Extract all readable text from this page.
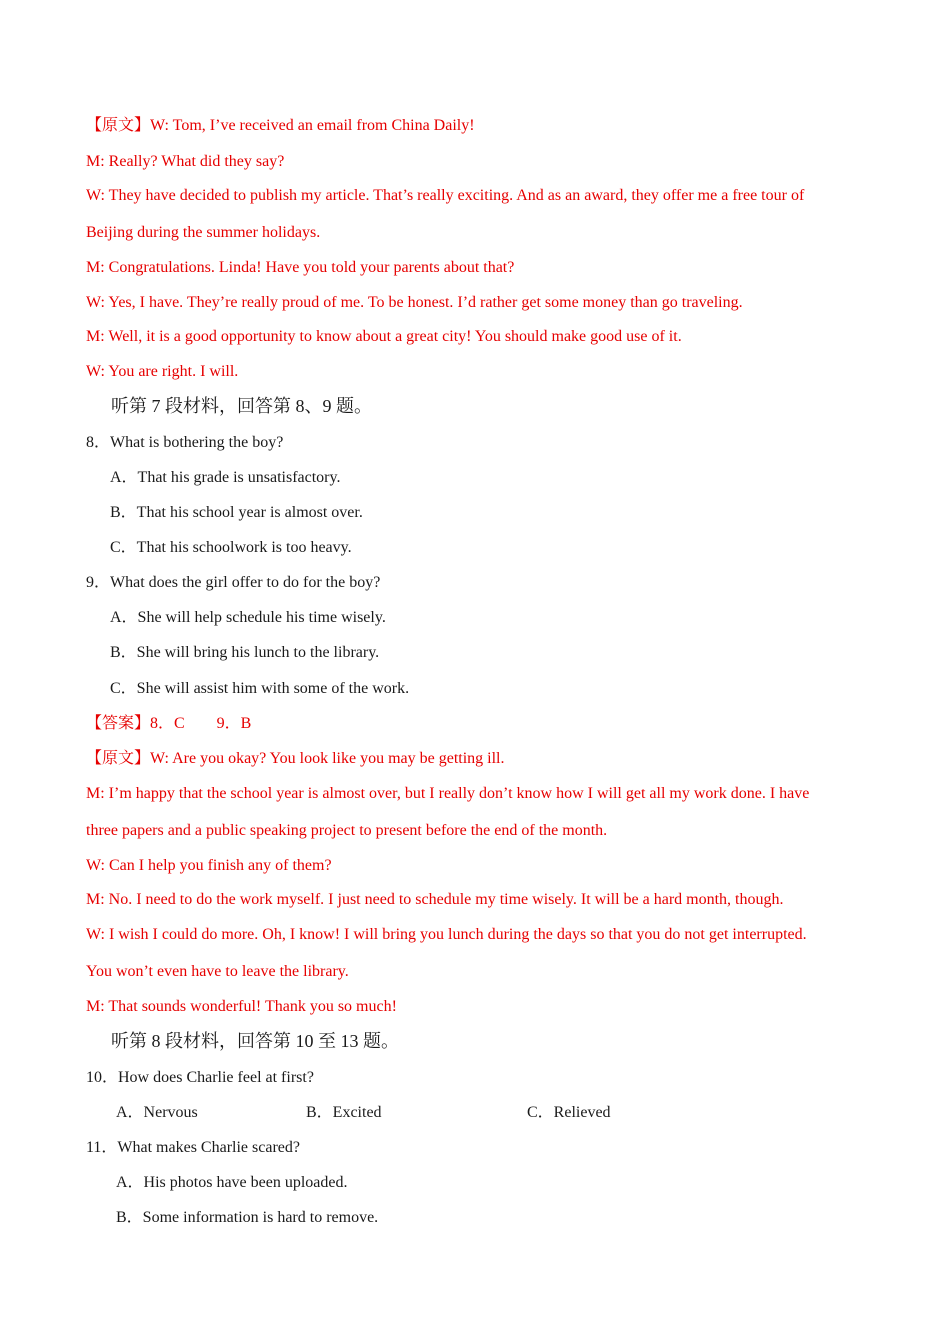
【原文】W: Tom, I’ve received an email from China Daily!
M: Really? What did they say?
W: They have decided to publish my article. That’s really exciting. And as an award, they offer me a free tour of
Beijing during the summer holidays.
M: Congratulations. Linda! Have you told your parents about that?
W: Yes, I have. They’re really proud of me. To be honest. I’d rather get some money than go traveling.
M: Well, it is a good opportunity to know about a great city! You should make good use of it.
W: You are right. I will.
听第 7 段材料，回答第 8、9 题。
8．What is bothering the boy?
A．That his grade is unsatisfactory.
B．That his school year is almost over.
C．That his schoolwork is too heavy.
9．What does the girl offer to do for the boy?
A．She will help schedule his time wisely.
B．She will bring his lunch to the library.
C．She will assist him with some of the work.
【答案】8．C　　9．B
【原文】W: Are you okay? You look like you may be getting ill.
M: I’m happy that the school year is almost over, but I really don’t know how I will get all my work done. I have
three papers and a public speaking project to present before the end of the month.
W: Can I help you finish any of them?
M: No. I need to do the work myself. I just need to schedule my time wisely. It will be a hard month, though.
W: I wish I could do more. Oh, I know! I will bring you lunch during the days so that you do not get interrupted.
You won’t even have to leave the library.
M: That sounds wonderful! Thank you so much!
听第 8 段材料，回答第 10 至 13 题。
10．How does Charlie feel at first?
A．Nervous	B．Excited	C．Relieved
11．What makes Charlie scared?
A．His photos have been uploaded.
B．Some information is hard to remove.
